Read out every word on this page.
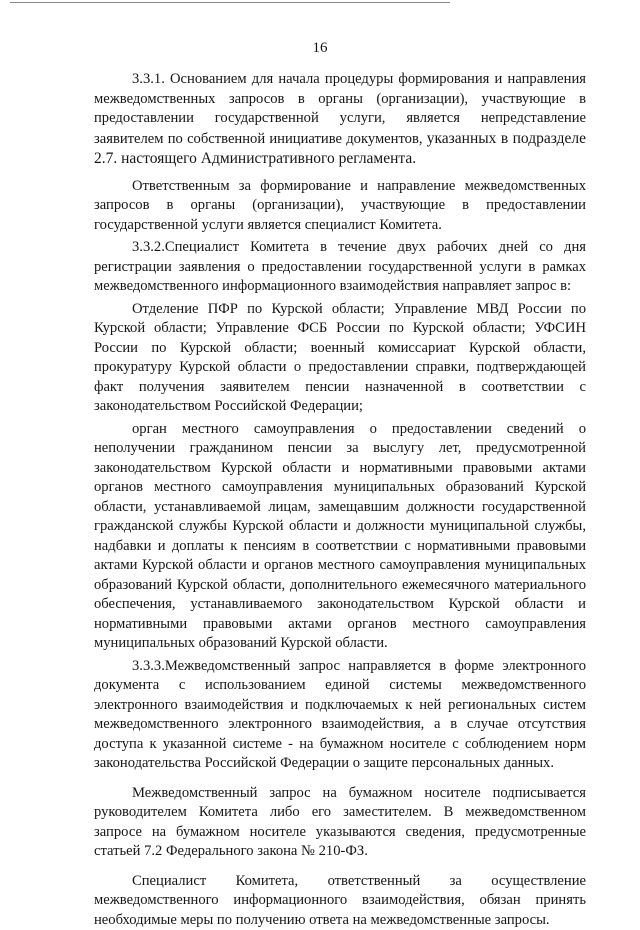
16

3.3.1. Основанием для начала процедуры формирования и направления межведомственных запросов в органы (организации), участвующие в предоставлении государственной услуги, является непредставление заявителем по собственной инициативе документов, указанных в подразделе 2.7. настоящего Административного регламента.

Ответственным за формирование и направление межведомственных запросов в органы (организации), участвующие в предоставлении государственной услуги является специалист Комитета.

3.3.2.Специалист Комитета в течение двух рабочих дней со дня регистрации заявления о предоставлении государственной услуги в рамках межведомственного информационного взаимодействия направляет запрос в:

Отделение ПФР по Курской области; Управление МВД России по Курской области; Управление ФСБ России по Курской области; УФСИН России по Курской области; военный комиссариат Курской области, прокуратуру Курской области о предоставлении справки, подтверждающей факт получения заявителем пенсии назначенной в соответствии с законодательством Российской Федерации;

орган местного самоуправления о предоставлении сведений о неполучении гражданином пенсии за выслугу лет, предусмотренной законодательством Курской области и нормативными правовыми актами органов местного самоуправления муниципальных образований Курской области, устанавливаемой лицам, замещавшим должности государственной гражданской службы Курской области и должности муниципальной службы, надбавки и доплаты к пенсиям в соответствии с нормативными правовыми актами Курской области и органов местного самоуправления муниципальных образований Курской области, дополнительного ежемесячного материального обеспечения, устанавливаемого законодательством Курской области и нормативными правовыми актами органов местного самоуправления муниципальных образований Курской области.

3.3.3.Межведомственный запрос направляется в форме электронного документа с использованием единой системы межведомственного электронного взаимодействия и подключаемых к ней региональных систем межведомственного электронного взаимодействия, а в случае отсутствия доступа к указанной системе - на бумажном носителе с соблюдением норм законодательства Российской Федерации о защите персональных данных.

Межведомственный запрос на бумажном носителе подписывается руководителем Комитета либо его заместителем. В межведомственном запросе на бумажном носителе указываются сведения, предусмотренные статьей 7.2 Федерального закона № 210-ФЗ.

Специалист Комитета, ответственный за осуществление межведомственного информационного взаимодействия, обязан принять необходимые меры по получению ответа на межведомственные запросы.
